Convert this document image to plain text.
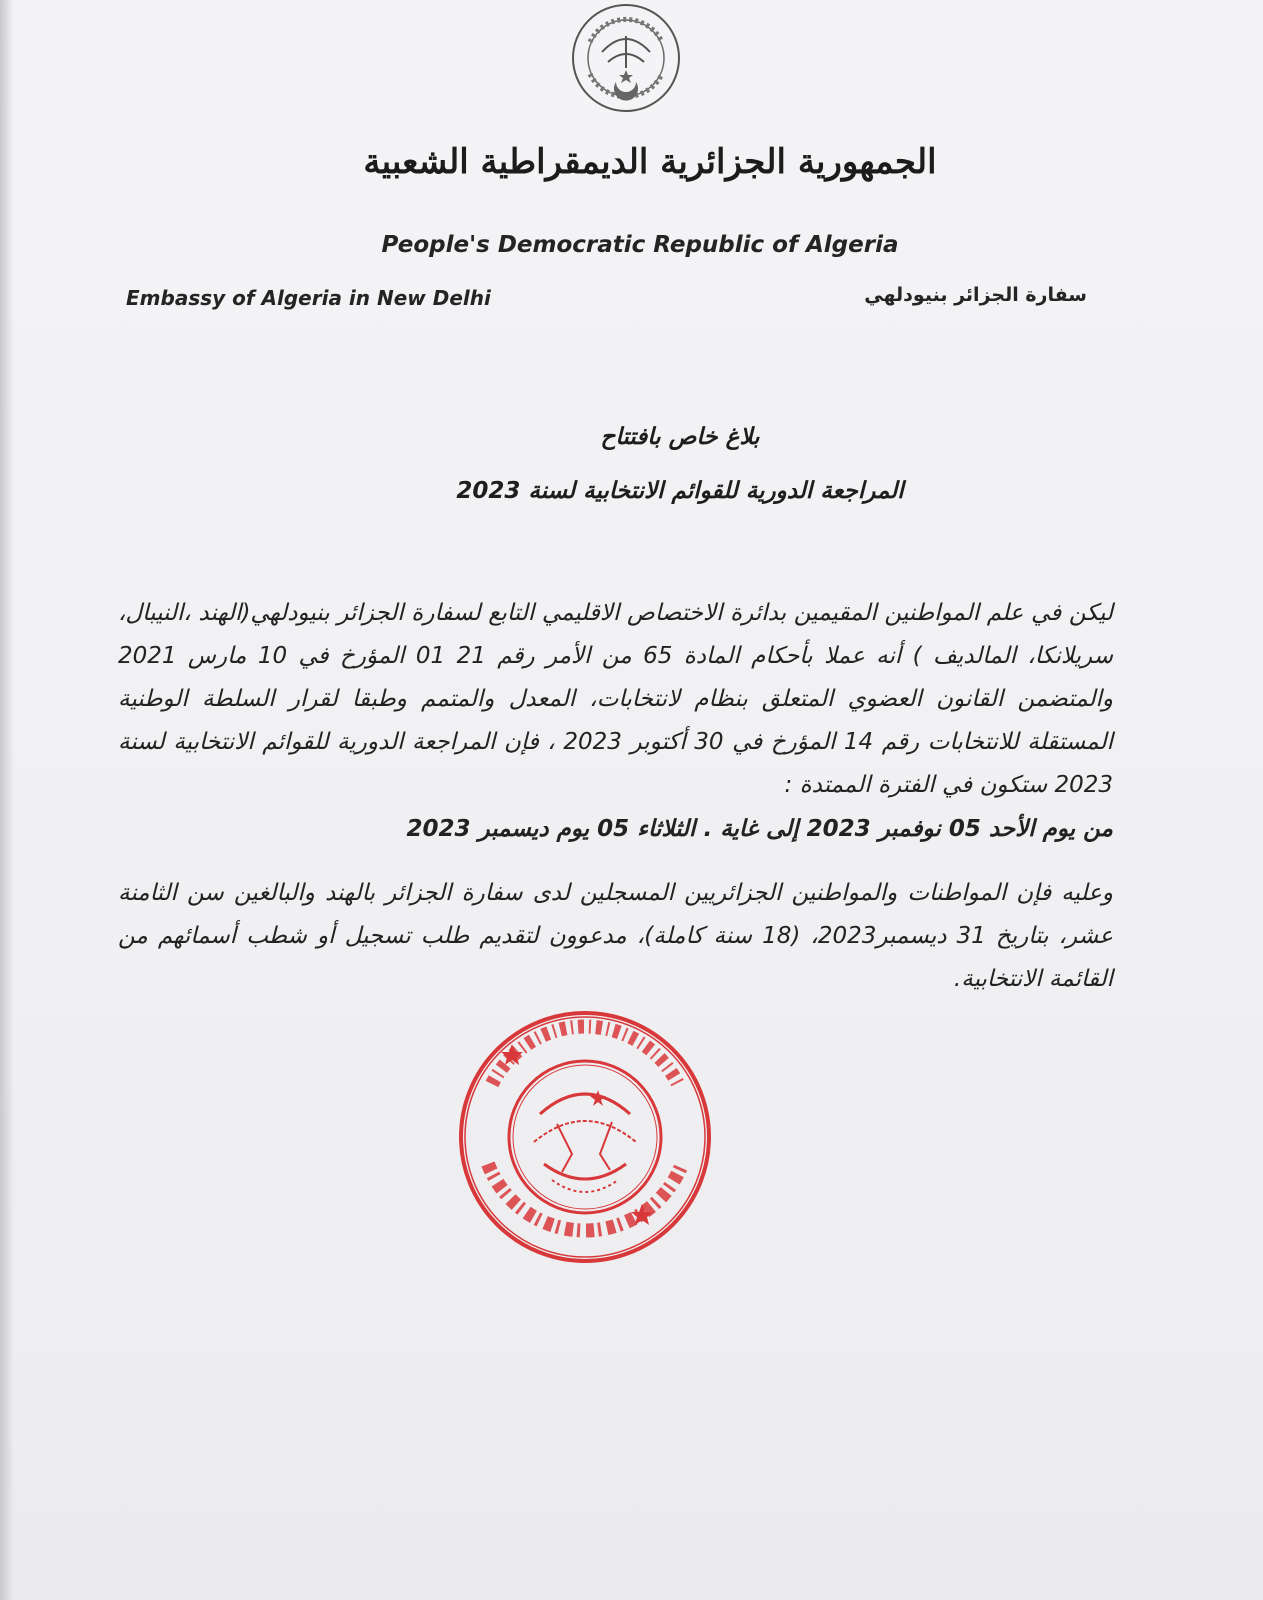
الجمهورية الجزائرية الديمقراطية الشعبية
People's Democratic Republic of Algeria
Embassy of Algeria in New Delhi	سفارة الجزائر بنيودلهي
بلاغ خاص بافتتاح
المراجعة الدورية للقوائم الانتخابية لسنة 2023
ليكن في علم المواطنين المقيمين بدائرة الاختصاص الاقليمي التابع لسفارة الجزائر بنيودلهي(الهند ،النيبال، سريلانكا، المالديف ) أنه عملا بأحكام المادة 65 من الأمر رقم 21 01 المؤرخ في 10 مارس 2021 والمتضمن القانون العضوي المتعلق بنظام لانتخابات، المعدل والمتمم وطبقا لقرار السلطة الوطنية المستقلة للانتخابات رقم 14 المؤرخ في 30 أكتوبر 2023 ، فإن المراجعة الدورية للقوائم الانتخابية لسنة 2023 ستكون في الفترة الممتدة :
من يوم الأحد 05 نوفمبر 2023 إلى غاية . الثلاثاء 05 يوم ديسمبر 2023
وعليه فإن المواطنات والمواطنين الجزائريين المسجلين لدى سفارة الجزائر بالهند والبالغين سن الثامنة عشر، بتاريخ 31 ديسمبر2023، (18 سنة كاملة)، مدعوون لتقديم طلب تسجيل أو شطب أسمائهم من القائمة الانتخابية.
